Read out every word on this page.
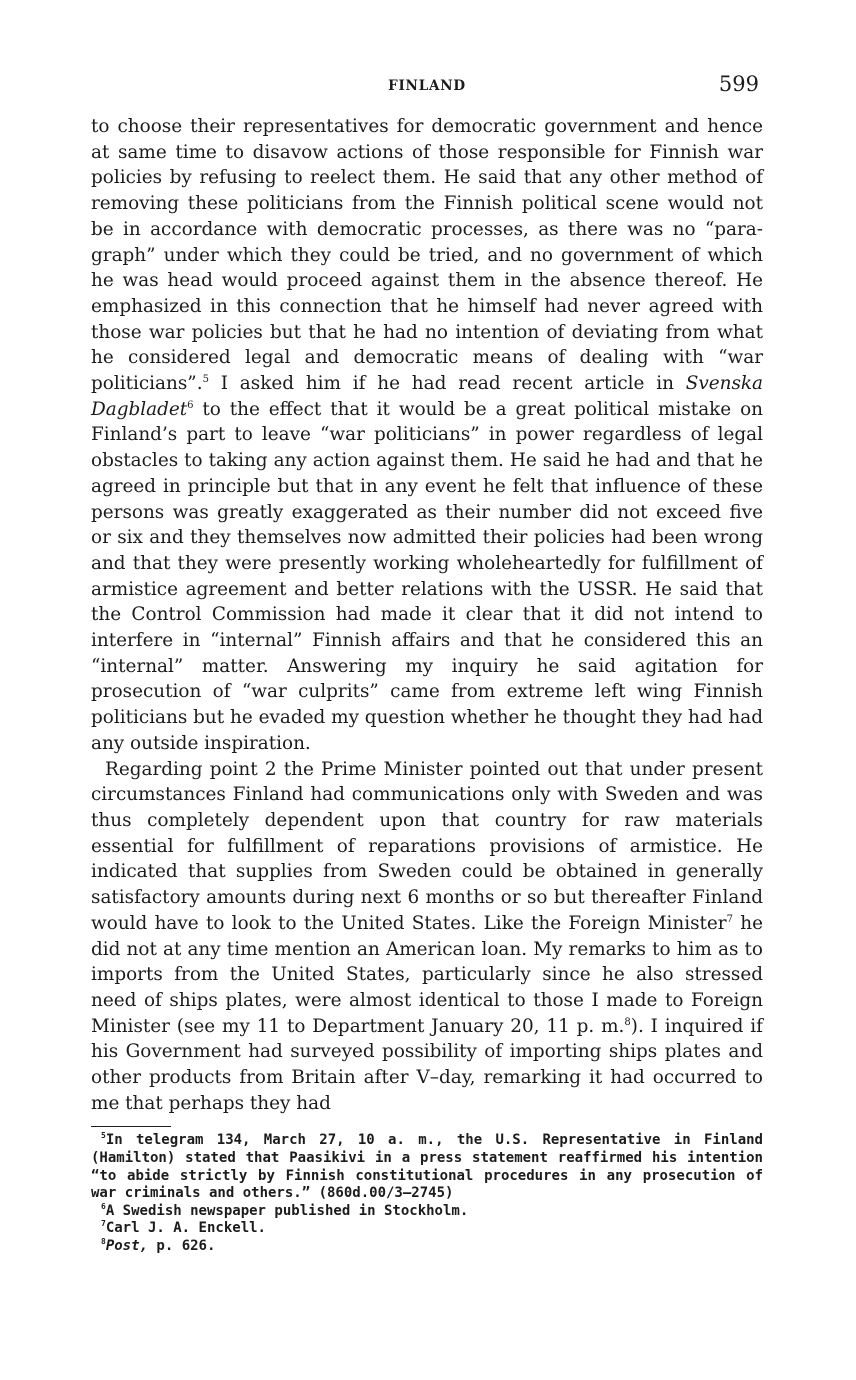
FINLAND	599

to choose their representatives for democratic government and hence at same time to disavow actions of those responsible for Finnish war policies by refusing to reelect them. He said that any other method of removing these politicians from the Finnish political scene would not be in accordance with democratic processes, as there was no “paragraph” under which they could be tried, and no government of which he was head would proceed against them in the absence thereof. He emphasized in this connection that he himself had never agreed with those war policies but that he had no intention of deviating from what he considered legal and democratic means of dealing with “war politicians”.$^5$ I asked him if he had read recent article in Svenska Dagbladet$^6$ to the effect that it would be a great political mistake on Finland’s part to leave “war politicians” in power regardless of legal obstacles to taking any action against them. He said he had and that he agreed in principle but that in any event he felt that influence of these persons was greatly exaggerated as their number did not exceed five or six and they themselves now admitted their policies had been wrong and that they were presently working wholeheartedly for fulfillment of armistice agreement and better relations with the USSR. He said that the Control Commission had made it clear that it did not intend to interfere in “internal” Finnish affairs and that he considered this an “internal” matter. Answering my inquiry he said agitation for prosecution of “war culprits” came from extreme left wing Finnish politicians but he evaded my question whether he thought they had had any outside inspiration.

Regarding point 2 the Prime Minister pointed out that under present circumstances Finland had communications only with Sweden and was thus completely dependent upon that country for raw materials essential for fulfillment of reparations provisions of armistice. He indicated that supplies from Sweden could be obtained in generally satisfactory amounts during next 6 months or so but thereafter Finland would have to look to the United States. Like the Foreign Minister$^7$ he did not at any time mention an American loan. My remarks to him as to imports from the United States, particularly since he also stressed need of ships plates, were almost identical to those I made to Foreign Minister (see my 11 to Department January 20, 11 p. m.$^8$). I inquired if his Government had surveyed possibility of importing ships plates and other products from Britain after V–day, remarking it had occurred to me that perhaps they had

$^5$In telegram 134, March 27, 10 a. m., the U.S. Representative in Finland (Hamilton) stated that Paasikivi in a press statement reaffirmed his intention “to abide strictly by Finnish constitutional procedures in any prosecution of war criminals and others.” (860d.00/3–2745)

$^6$A Swedish newspaper published in Stockholm.

$^7$Carl J. A. Enckell.

$^8$Post, p. 626.
